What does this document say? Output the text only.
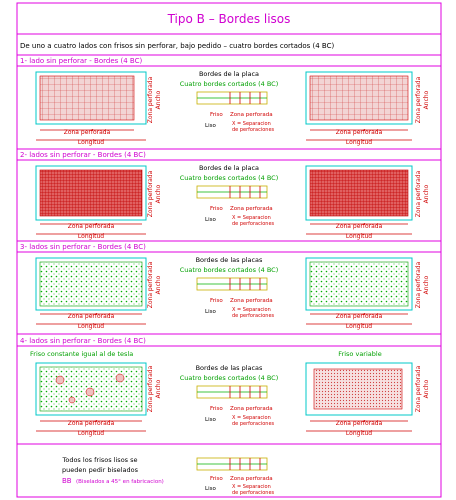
Tipo B – Bordes lisos
De uno a cuatro lados con frisos sin perforar, bajo pedido – cuatro bordes cortados (4 BC)
1- lado sin perforar - Bordes (4 BC)
Zona perforada
Longitud
Zona perforada Ancho
Bordes de la placa
Cuatro bordes cortados (4 BC)
Friso Zona perforada
Liso	X = Separacion
de perforaciones	Zona perforada
Longitud
Zona perforada Ancho
2- lados sin perforar - Bordes (4 BC)
Zona perforada
Longitud
Zona perforada Ancho
Bordes de la placa
Cuatro bordes cortados (4 BC)
Friso Zona perforada
Liso	X = Separacion
de perforaciones	Zona perforada
Longitud
Zona perforada Ancho
3- lados sin perforar - Bordes (4 BC)
Zona perforada
Longitud
Zona perforada Ancho
Bordes de las placas
Cuatro bordes cortados (4 BC)
Friso Zona perforada
Liso	X = Separacion
de perforaciones	Zona perforada
Longitud
Zona perforada Ancho
4- lados sin perforar - Bordes (4 BC)
Friso constante igual al de tesla	Friso variable
Zona perforada
Longitud
Zona perforada Ancho
Bordes de las placas
Cuatro bordes cortados (4 BC)
Friso Zona perforada
Liso	X = Separacion
de perforaciones	Zona perforada
Longitud
Zona perforada Ancho
Todos los frisos lisos se
pueden pedir biselados
BB (Biselados a 45° en fabricacion)	Friso Zona perforada
Liso	X = Separacion
de perforaciones
